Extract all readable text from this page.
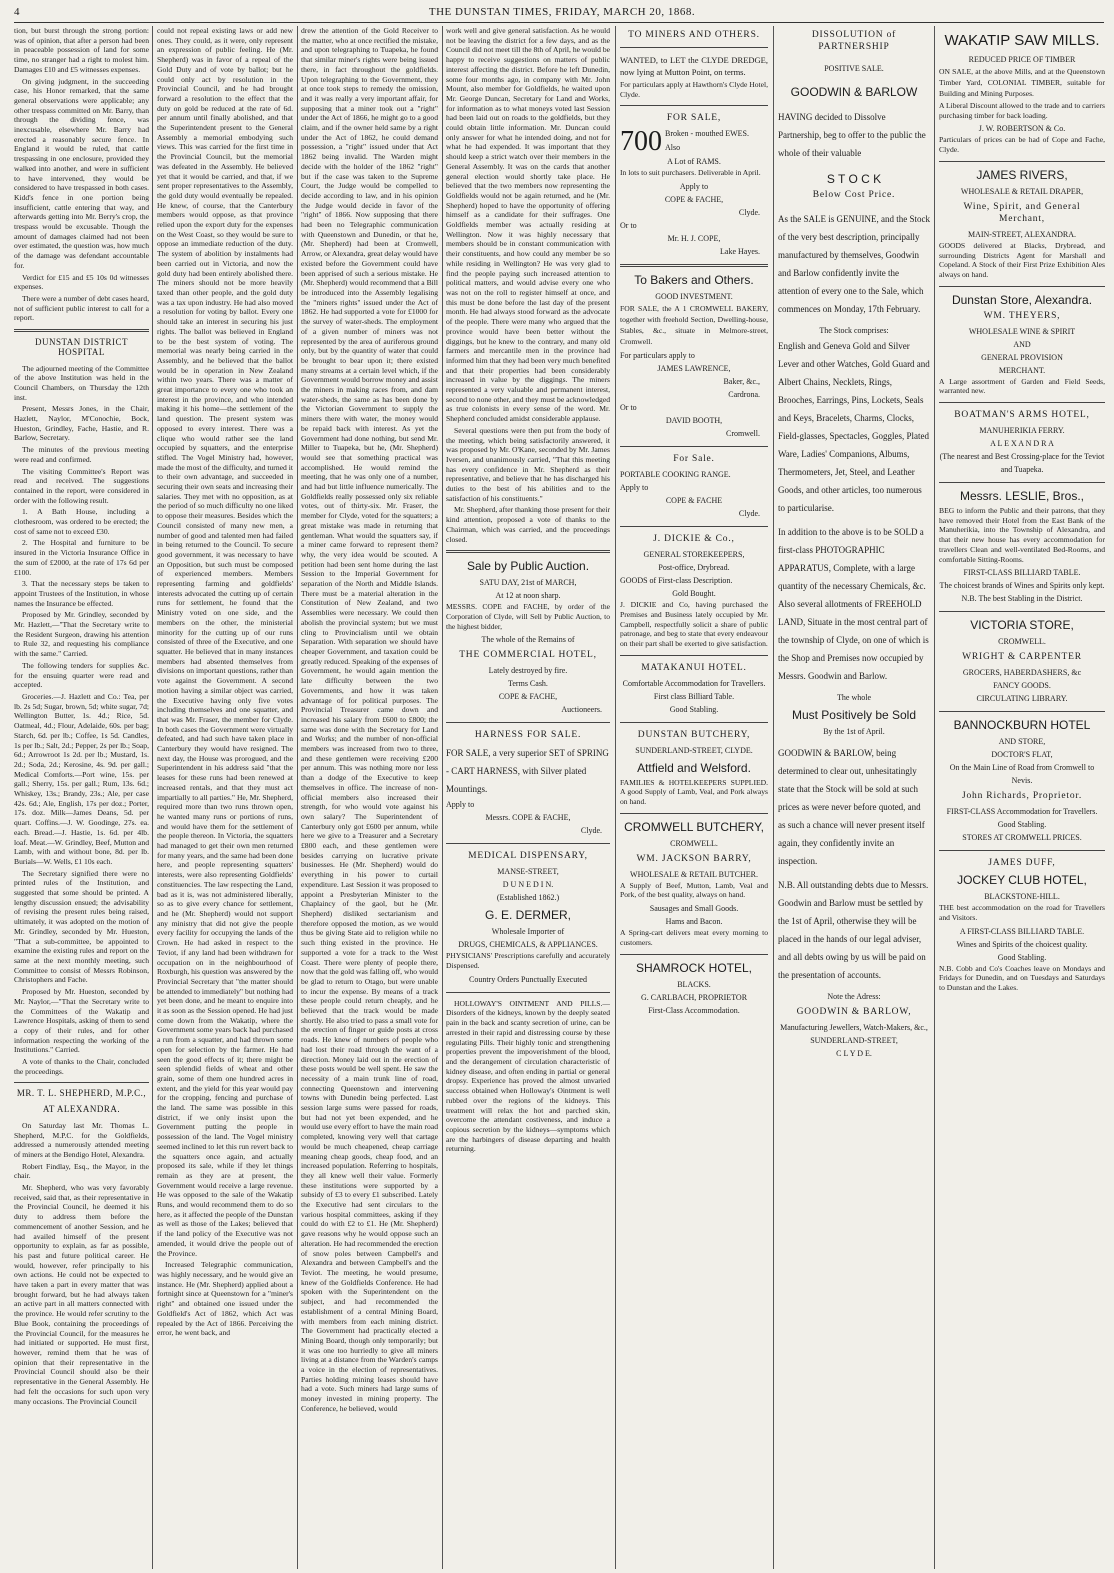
4	THE DUNSTAN TIMES, FRIDAY, MARCH 20, 1868.

tion, but burst through the strong portion: was of opinion, that after a person had been in peaceable possession of land for some time, no stranger had a right to molest him. Damages £10 and £5 witnesses expenses.

On giving judgment, in the succeeding case, his Honor remarked, that the same general observations were applicable; any other trespass committed on Mr. Barry, than through the dividing fence, was inexcusable, elsewhere Mr. Barry had erected a reasonably secure fence. In England it would be ruled, that cattle trespassing in one enclosure, provided they walked into another, and were in sufficient to have intervened, they would be considered to have trespassed in both cases. Kidd's fence in one portion being insufficient, cattle entering that way, and afterwards getting into Mr. Berry's crop, the trespass would be excusable. Though the amount of damages claimed had not been over estimated, the question was, how much of the damage was defendant accountable for.

Verdict for £15 and £5 10s 0d witnesses expenses.

There were a number of debt cases heard, not of sufficient public interest to call for a report.

DUNSTAN DISTRICT HOSPITAL

The adjourned meeting of the Committee of the above Institution was held in the Council Chambers, on Thursday the 12th inst.

Present, Messrs Jones, in the Chair, Hazlett, Naylor, M'Conochie, Bock, Hueston, Grindley, Fache, Hastie, and R. Barlow, Secretary.

The minutes of the previous meeting were read and confirmed.

The visiting Committee's Report was read and received. The suggestions contained in the report, were considered in order with the following result.

1. A Bath House, including a clothesroom, was ordered to be erected; the cost of same not to exceed £30.

2. The Hospital and furniture to be insured in the Victoria Insurance Office in the sum of £2000, at the rate of 17s 6d per £100.

3. That the necessary steps be taken to appoint Trustees of the Institution, in whose names the Insurance be effected.

Proposed by Mr. Grindley, seconded by Mr. Hazlett,—"That the Secretary write to the Resident Surgeon, drawing his attention to Rule 32, and requesting his compliance with the same." Carried.

The following tenders for supplies &c. for the ensuing quarter were read and accepted.

Groceries.—J. Hazlett and Co.: Tea, per lb. 2s 5d; Sugar, brown, 5d; white sugar, 7d; Wellington Butter, 1s. 4d.; Rice, 5d. Oatmeal, 4d.; Flour, Adelaide, 60s. per bag; Starch, 6d. per lb.; Coffee, 1s 5d. Candles, 1s per lb.; Salt, 2d.; Pepper, 2s per lb.; Soap, 6d.; Arrowroot 1s 2d. per lb.; Mustard, 1s. 2d.; Soda, 2d.; Kerosine, 4s. 9d. per gall.; Medical Comforts.—Port wine, 15s. per gall.; Sherry, 15s. per gall.; Rum, 13s. 6d.; Whiskey, 13s.; Brandy, 23s.; Ale, per case 42s. 6d.; Ale, English, 17s per doz.; Porter, 17s. doz. Milk—James Deans, 5d. per quart. Coffins.—J. W. Goodinge, 27s. ea. each. Bread.—J. Hastie, 1s. 6d. per 4lb. loaf. Meat.—W. Grindley, Beef, Mutton and Lamb, with and without bone, 8d. per lb. Burials—W. Wells, £1 10s each.

The Secretary signified there were no printed rules of the Institution, and suggested that some should be printed. A lengthy discussion ensued; the advisability of revising the present rules being raised, ultimately, it was adopted on the motion of Mr. Grindley, seconded by Mr. Hueston, "That a sub-committee, be appointed to examine the existing rules and report on the same at the next monthly meeting, such Committee to consist of Messrs Robinson, Christophers and Fache.

Proposed by Mr. Hueston, seconded by Mr. Naylor,—"That the Secretary write to the Committees of the Wakatip and Lawrence Hospitals, asking of them to send a copy of their rules, and for other information respecting the working of the Institutions." Carried.

A vote of thanks to the Chair, concluded the proceedings.

MR. T. L. SHEPHERD, M.P.C.,
AT ALEXANDRA.

On Saturday last Mr. Thomas L. Shepherd, M.P.C. for the Goldfields, addressed a numerously attended meeting of miners at the Bendigo Hotel, Alexandra.

Robert Findlay, Esq., the Mayor, in the chair.

Mr. Shepherd, who was very favorably received, said that, as their representative in the Provincial Council, he deemed it his duty to address them before the commencement of another Session, and he had availed himself of the present opportunity to explain, as far as possible, his past and future political career. He would, however, refer principally to his own actions. He could not be expected to have taken a part in every matter that was brought forward, but he had always taken an active part in all matters connected with the province. He would refer scrutiny to the Blue Book, containing the proceedings of the Provincial Council, for the measures he had initiated or supported. He must first, however, remind them that he was of opinion that their representative in the Provincial Council should also be their representative in the General Assembly. He had felt the occasions for such upon very many occasions. The Provincial Council

could not repeal existing laws or add new ones. They could, as it were, only represent an expression of public feeling. He (Mr. Shepherd) was in favor of a repeal of the Gold Duty and of vote by ballot; but he could only act by resolution in the Provincial Council, and he had brought forward a resolution to the effect that the duty on gold be reduced at the rate of 6d. per annum until finally abolished, and that the Superintendent present to the General Assembly a memorial embodying such views. This was carried for the first time in the Provincial Council, but the memorial was defeated in the Assembly. He believed yet that it would be carried, and that, if we sent proper representatives to the Assembly, the gold duty would eventually be repealed. He knew, of course, that the Canterbury members would oppose, as that province relied upon the export duty for the expenses on the West Coast, so they would be sure to oppose an immediate reduction of the duty. The system of abolition by instalments had been carried out in Victoria, and now the gold duty had been entirely abolished there. The miners should not be more heavily taxed than other people, and the gold duty was a tax upon industry. He had also moved a resolution for voting by ballot. Every one should take an interest in securing his just rights. The ballot was believed in England to be the best system of voting. The memorial was nearly being carried in the Assembly, and he believed that the ballot would be in operation in New Zealand within two years. There was a matter of great importance to every one who took an interest in the province, and who intended making it his home—the settlement of the land question. The present system was opposed to every interest. There was a clique who would rather see the land occupied by squatters, and the enterprise stifled. The Vogel Ministry had, however, made the most of the difficulty, and turned it to their own advantage, and succeeded in securing their own seats and increasing their salaries. They met with no opposition, as at the period of so much difficulty no one liked to oppose their measures. Besides which the Council consisted of many new men, a number of good and talented men had failed in being returned to the Council. To secure good government, it was necessary to have an Opposition, but such must be composed of experienced members. Members representing farming and goldfields' interests advocated the cutting up of certain runs for settlement, he found that the Ministry voted on one side, and the members on the other, the ministerial minority for the cutting up of our runs consisted of three of the Executive, and one squatter. He believed that in many instances members had absented themselves from divisions on important questions, rather than vote against the Government. A second motion having a similar object was carried, the Executive having only five votes including themselves and one squatter, and that was Mr. Fraser, the member for Clyde. In both cases the Government were virtually defeated, and had such have taken place in Canterbury they would have resigned. The next day, the House was prorogued, and the Superintendent in his address said "that the leases for these runs had been renewed at increased rentals, and that they must act impartially to all parties." He, Mr. Shepherd, required more than two runs thrown open, he wanted many runs or portions of runs, and would have them for the settlement of the people thereon. In Victoria, the squatters had managed to get their own men returned for many years, and the same had been done here, and people representing squatters' interests, were also representing Goldfields' constituencies. The law respecting the Land, bad as it is, was not administered liberally, so as to give every chance for settlement, and he (Mr. Shepherd) would not support any ministry that did not give the people every facility for occupying the lands of the Crown. He had asked in respect to the Teviot, if any land had been withdrawn for occupation on in the neighbourhood of Roxburgh, his question was answered by the Provincial Secretary that "the matter should be attended to immediately" but nothing had yet been done, and he meant to enquire into it as soon as the Session opened. He had just come down from the Wakatip, where the Government some years back had purchased a run from a squatter, and had thrown some open for selection by the farmer. He had seen the good effects of it; there might be seen splendid fields of wheat and other grain, some of them one hundred acres in extent, and the yield for this year would pay for the cropping, fencing and purchase of the land. The same was possible in this district, if we only insist upon the Government putting the people in possession of the land. The Vogel ministry seemed inclined to let this run revert back to the squatters once again, and actually proposed its sale, while if they let things remain as they are at present, the Government would receive a large revenue. He was opposed to the sale of the Wakatip Runs, and would recommend them to do so here, as it affected the people of the Dunstan as well as those of the Lakes; believed that if the land policy of the Executive was not amended, it would drive the people out of the Province.

Increased Telegraphic communication, was highly necessary, and he would give an instance. He (Mr. Shepherd) applied about a fortnight since at Queenstown for a "miner's right" and obtained one issued under the Goldfield's Act of 1862, which Act was repealed by the Act of 1866. Perceiving the error, he went back, and

drew the attention of the Gold Receiver to the matter, who at once rectified the mistake, and upon telegraphing to Tuapeka, he found that similar miner's rights were being issued there, in fact throughout the goldfields. Upon telegraphing to the Government, they at once took steps to remedy the omission, and it was really a very important affair, for supposing that a miner took out a "right" under the Act of 1866, he might go to a good claim, and if the owner held same by a right under the Act of 1862, he could demand possession, a "right" issued under that Act 1862 being invalid. The Warden might decide with the holder of the 1862 "right" but if the case was taken to the Supreme Court, the Judge would be compelled to decide according to law, and in his opinion the Judge would decide in favor of the "right" of 1866. Now supposing that there had been no Telegraphic communication with Queenstown and Dunedin, or that he, (Mr. Shepherd) had been at Cromwell, Arrow, or Alexandra, great delay would have existed before the Government could have been apprised of such a serious mistake. He (Mr. Shepherd) would recommend that a Bill be introduced into the Assembly legalising the "miners rights" issued under the Act of 1862. He had supported a vote for £1000 for the survey of water-sheds. The employment of a given number of miners was not represented by the area of auriferous ground only, but by the quantity of water that could be brought to bear upon it; there existed many streams at a certain level which, if the Government would borrow money and assist the miners in making races from, and dam water-sheds, the same as has been done by the Victorian Government to supply the miners there with water, the money would be repaid back with interest. As yet the Government had done nothing, but send Mr. Miller to Tuapeka, but he, (Mr. Shepherd) would see that something practical was accomplished. He would remind the meeting, that he was only one of a number, and had but little influence numerically. The Goldfields really possessed only six reliable votes, out of thirty-six. Mr. Fraser, the member for Clyde, voted for the squatters; a great mistake was made in returning that gentleman. What would the squatters say, if a miner came forward to represent them? why, the very idea would be scouted. A petition had been sent home during the last Session to the Imperial Government for separation of the North and Middle Islands. There must be a material alteration in the Constitution of New Zealand, and two Assemblies were necessary. We could then abolish the provincial system; but we must cling to Provincialism until we obtain Separation. With separation we should have cheaper Government, and taxation could be greatly reduced. Speaking of the expenses of Government, he would again mention the late difficulty between the two Governments, and how it was taken advantage of for political purposes. The Provincial Treasurer came down and increased his salary from £600 to £800; the same was done with the Secretary for Land and Works; and the number of non-official members was increased from two to three, and these gentlemen were receiving £200 per annum. This was nothing more nor less than a dodge of the Executive to keep themselves in office. The increase of non-official members also increased their strength, for who would vote against his own salary? The Superintendent of Canterbury only got £600 per annum, while here we give to a Treasurer and a Secretary £800 each, and these gentlemen were besides carrying on lucrative private businesses. He (Mr. Shepherd) would do everything in his power to curtail expenditure. Last Session it was proposed to appoint a Presbyterian Minister to the Chaplaincy of the gaol, but he (Mr. Shepherd) disliked sectarianism and therefore opposed the motion, as we would thus be giving State aid to religion while no such thing existed in the province. He supported a vote for a track to the West Coast. There were plenty of people there, now that the gold was falling off, who would be glad to return to Otago, but were unable to incur the expense. By means of a track these people could return cheaply, and he believed that the track would be made shortly. He also tried to pass a small vote for the erection of finger or guide posts at cross roads. He knew of numbers of people who had lost their road through the want of a direction. Money laid out in the erection of these posts would be well spent. He saw the necessity of a main trunk line of road, connecting Queenstown and intervening towns with Dunedin being perfected. Last session large sums were passed for roads, but had not yet been expended, and he would use every effort to have the main road completed, knowing very well that cartage would be much cheapened, cheap carriage meaning cheap goods, cheap food, and an increased population. Referring to hospitals, they all knew well their value. Formerly these institutions were supported by a subsidy of £3 to every £1 subscribed. Lately the Executive had sent circulars to the various hospital committees, asking if they could do with £2 to £1. He (Mr. Shepherd) gave reasons why he would oppose such an alteration. He had recommended the erection of snow poles between Campbell's and Alexandra and between Campbell's and the Teviot. The meeting, he would presume, knew of the Goldfields Conference. He had spoken with the Superintendent on the subject, and had recommended the establishment of a central Mining Board, with members from each mining district. The Government had practically elected a Mining Board, though only temporarily; but it was one too hurriedly to give all miners living at a distance from the Warden's camps a voice in the election of representatives. Parties holding mining leases should have had a vote. Such miners had large sums of money invested in mining property. The Conference, he believed, would

work well and give general satisfaction. As he would not be leaving the district for a few days, and as the Council did not meet till the 8th of April, he would be happy to receive suggestions on matters of public interest affecting the district. Before he left Dunedin, some four months ago, in company with Mr. John Mount, also member for Goldfields, he waited upon Mr. George Duncan, Secretary for Land and Works, for information as to what moneys voted last Session had been laid out on roads to the goldfields, but they could obtain little information. Mr. Duncan could only answer for what he intended doing, and not for what he had expended. It was important that they should keep a strict watch over their members in the General Assembly. It was on the cards that another general election would shortly take place. He believed that the two members now representing the Goldfields would not be again returned, and he (Mr. Shepherd) hoped to have the opportunity of offering himself as a candidate for their suffrages. One Goldfields member was actually residing at Wellington. Now it was highly necessary that members should be in constant communication with their constituents, and how could any member be so while residing in Wellington? He was very glad to find the people paying such increased attention to political matters, and would advise every one who was not on the roll to register himself at once, and this must be done before the last day of the present month. He had always stood forward as the advocate of the people. There were many who argued that the province would have been better without the diggings, but he knew to the contrary, and many old farmers and mercantile men in the province had informed him that they had been very much benefited and that their properties had been considerably increased in value by the diggings. The miners represented a very valuable and permanent interest, second to none other, and they must be acknowledged as true colonists in every sense of the word. Mr. Shepherd concluded amidst considerable applause.

Several questions were then put from the body of the meeting, which being satisfactorily answered, it was proposed by Mr. O'Kane, seconded by Mr. James Iversen, and unanimously carried, "That this meeting has every confidence in Mr. Shepherd as their representative, and believe that he has discharged his duties to the best of his abilities and to the satisfaction of his constituents."

Mr. Shepherd, after thanking those present for their kind attention, proposed a vote of thanks to the Chairman, which was carried, and the proceedings closed.

Sale by Public Auction.
SATU DAY, 21st of MARCH,
At 12 at noon sharp.

MESSRS. COPE and FACHE, by order of the Corporation of Clyde, will Sell by Public Auction, to the highest bidder,

The whole of the Remains of
THE COMMERCIAL HOTEL,
Lately destroyed by fire.
Terms Cash.
COPE & FACHE,
Auctioneers.
HARNESS FOR SALE.
FOR SALE, a very superior SET of SPRING - CART HARNESS, with Silver plated Mountings.
Apply to
Messrs. COPE & FACHE,
Clyde.
MEDICAL DISPENSARY,
MANSE-STREET,
D U N E D I N.
(Established 1862.)
G. E. DERMER,
Wholesale Importer of
DRUGS, CHEMICALS, & APPLIANCES.

PHYSICIANS' Prescriptions carefully and accurately Dispensed.

Country Orders Punctually Executed

HOLLOWAY'S OINTMENT AND PILLS.—Disorders of the kidneys, known by the deeply seated pain in the back and scanty secretion of urine, can be arrested in their rapid and distressing course by these regulating Pills. Their highly tonic and strengthening properties prevent the impoverishment of the blood, and the derangement of circulation characteristic of kidney disease, and often ending in partial or general dropsy. Experience has proved the almost unvaried success obtained when Holloway's Ointment is well rubbed over the regions of the kidneys. This treatment will relax the hot and parched skin, overcome the attendant costiveness, and induce a copious secretion by the kidneys—symptoms which are the harbingers of disease departing and health returning.

TO MINERS AND OTHERS.

WANTED, to LET the CLYDE DREDGE, now lying at Mutton Point, on terms.

For particulars apply at Hawthorn's Clyde Hotel, Clyde.

FOR SALE,
700 Broken - mouthed EWES.
Also
A Lot of RAMS.

In lots to suit purchasers. Deliverable in April.

Apply to
COPE & FACHE,
Clyde.
Or to
Mr. H. J. COPE,
Lake Hayes.
To Bakers and Others.
GOOD INVESTMENT.

FOR SALE, the A 1 CROMWELL BAKERY, together with freehold Section, Dwelling-house, Stables, &c., situate in Melmore-street, Cromwell.

For particulars apply to
JAMES LAWRENCE,
Baker, &c.,
Cardrona.
Or to
DAVID BOOTH,
Cromwell.
For Sale.
PORTABLE COOKING RANGE.
Apply to
COPE & FACHE
Clyde.
J. DICKIE & Co.,
GENERAL STOREKEEPERS,
Post-office, Drybread.
GOODS of First-class Description.
Gold Bought.

J. DICKIE and Co, having purchased the Premises and Business lately occupied by Mr. Campbell, respectfully solicit a share of public patronage, and beg to state that every endeavour on their part shall be exerted to give satisfaction.

MATAKANUI HOTEL.
Comfortable Accommodation for Travellers.
First class Billiard Table.
Good Stabling.
DUNSTAN BUTCHERY,
SUNDERLAND-STREET, CLYDE.
Attfield and Welsford.

FAMILIES & HOTELKEEPERS SUPPLIED. A good Supply of Lamb, Veal, and Pork always on hand.

CROMWELL BUTCHERY,
CROMWELL.
WM. JACKSON BARRY,
WHOLESALE & RETAIL BUTCHER.

A Supply of Beef, Mutton, Lamb, Veal and Pork, of the best quality, always on hand.

Sausages and Small Goods.
Hams and Bacon.

A Spring-cart delivers meat every morning to customers.

SHAMROCK HOTEL,
BLACKS.
G. CARLBACH, PROPRIETOR
First-Class Accommodation.
DISSOLUTION of PARTNERSHIP
POSITIVE SALE.
GOODWIN & BARLOW
HAVING decided to Dissolve Partnership, beg to offer to the public the whole of their valuable
S T O C K
Below Cost Price.
As the SALE is GENUINE, and the Stock of the very best description, principally manufactured by themselves, Goodwin and Barlow confidently invite the attention of every one to the Sale, which commences on Monday, 17th February.
The Stock comprises:
English and Geneva Gold and Silver Lever and other Watches, Gold Guard and Albert Chains, Necklets, Rings, Brooches, Earrings, Pins, Lockets, Seals and Keys, Bracelets, Charms, Clocks, Field-glasses, Spectacles, Goggles, Plated Ware, Ladies' Companions, Albums, Thermometers, Jet, Steel, and Leather Goods, and other articles, too numerous to particularise.
In addition to the above is to be SOLD a first-class PHOTOGRAPHIC APPARATUS, Complete, with a large quantity of the necessary Chemicals, &c.
Also several allotments of FREEHOLD LAND, Situate in the most central part of the township of Clyde, on one of which is the Shop and Premises now occupied by Messrs. Goodwin and Barlow.
The whole
Must Positively be Sold
By the 1st of April.
GOODWIN & BARLOW, being determined to clear out, unhesitatingly state that the Stock will be sold at such prices as were never before quoted, and as such a chance will never present itself again, they confidently invite an inspection.
N.B. All outstanding debts due to Messrs. Goodwin and Barlow must be settled by the 1st of April, otherwise they will be placed in the hands of our legal adviser, and all debts owing by us will be paid on the presentation of accounts.
Note the Adress:
GOODWIN & BARLOW,
Manufacturing Jewellers, Watch-Makers, &c.,
SUNDERLAND-STREET,
C L Y D E.
WAKATIP SAW MILLS.
REDUCED PRICE OF TIMBER

ON SALE, at the above Mills, and at the Queenstown Timber Yard, COLONIAL TIMBER, suitable for Building and Mining Purposes.

A Liberal Discount allowed to the trade and to carriers purchasing timber for back loading.

J. W. ROBERTSON & Co.

Particulars of prices can be had of Cope and Fache, Clyde.

JAMES RIVERS,
WHOLESALE & RETAIL DRAPER,
Wine, Spirit, and General Merchant,
MAIN-STREET, ALEXANDRA.

GOODS delivered at Blacks, Drybread, and surrounding Districts Agent for Marshall and Copeland. A Stock of their First Prize Exhibition Ales always on hand.

Dunstan Store, Alexandra.
WM. THEYERS,
WHOLESALE WINE & SPIRIT
AND
GENERAL PROVISION
MERCHANT.

A Large assortment of Garden and Field Seeds, warranted new.

BOATMAN'S ARMS HOTEL,
MANUHERIKIA FERRY.
A L E X A N D R A
(The nearest and Best Crossing-place for the Teviot and Tuapeka.
Messrs. LESLIE, Bros.,

BEG to inform the Public and their patrons, that they have removed their Hotel from the East Bank of the Manuherikia, into the Township of Alexandra, and that their new house has every accommodation for travellers Clean and well-ventilated Bed-Rooms, and comfortable Sitting-Rooms.

FIRST-CLASS BILLIARD TABLE.
The choicest brands of Wines and Spirits only kept.
N.B. The best Stabling in the District.
VICTORIA STORE,
CROMWELL.
WRIGHT & CARPENTER
GROCERS, HABERDASHERS, &c
FANCY GOODS.
CIRCULATING LIBRARY.
BANNOCKBURN HOTEL
AND STORE,
DOCTOR'S FLAT,
On the Main Line of Road from Cromwell to Nevis.
John Richards, Proprietor.
FIRST-CLASS Accommodation for Travellers.
Good Stabling.
STORES AT CROMWELL PRICES.
JAMES DUFF,
JOCKEY CLUB HOTEL,
BLACKSTONE-HILL.

THE best accommodation on the road for Travellers and Visitors.

A FIRST-CLASS BILLIARD TABLE.
Wines and Spirits of the choicest quality.
Good Stabling.

N.B. Cobb and Co's Coaches leave on Mondays and Fridays for Dunedin, and on Tuesdays and Saturdays to Dunstan and the Lakes.
